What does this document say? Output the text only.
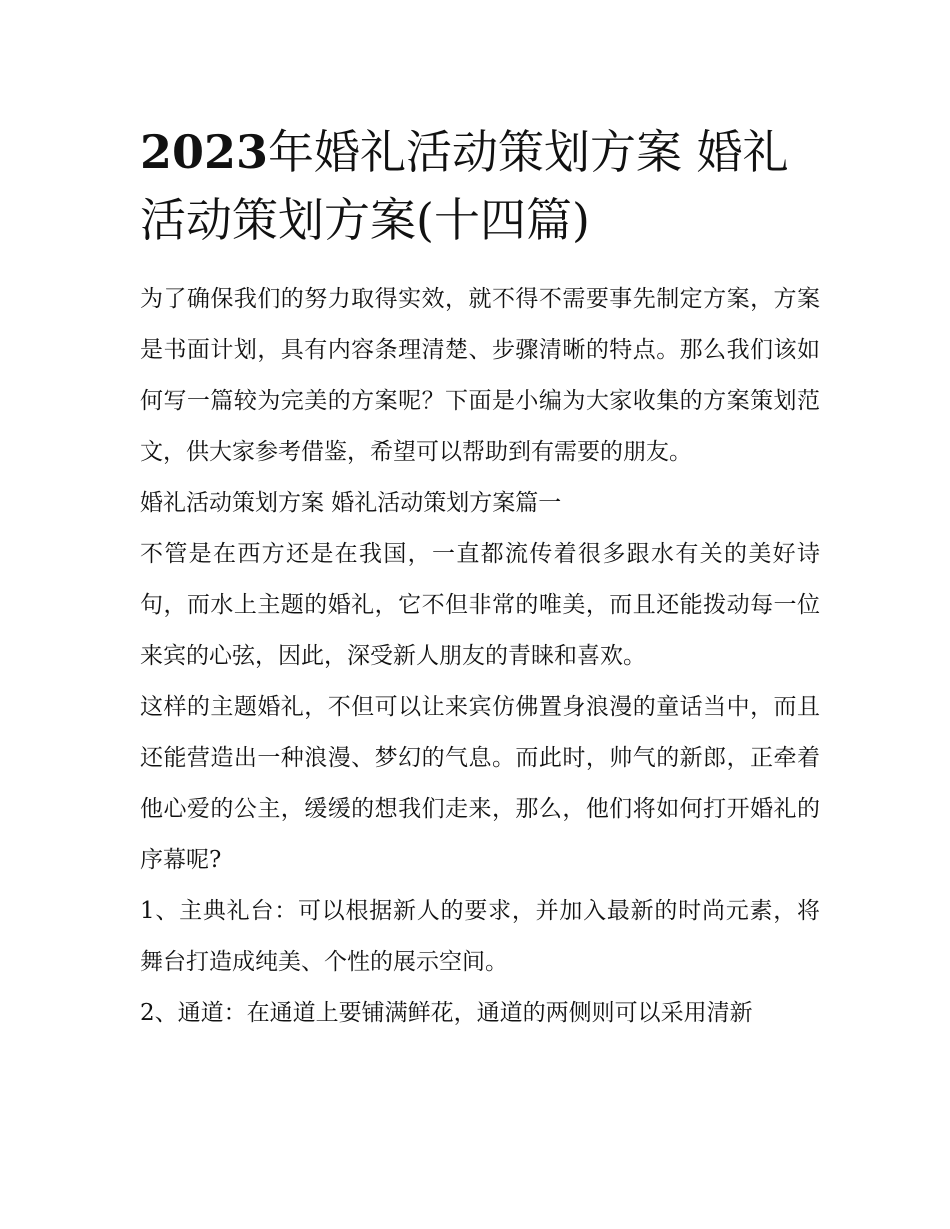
2023年婚礼活动策划方案 婚礼活动策划方案(十四篇)

为了确保我们的努力取得实效，就不得不需要事先制定方案，方案是书面计划，具有内容条理清楚、步骤清晰的特点。那么我们该如何写一篇较为完美的方案呢？下面是小编为大家收集的方案策划范文，供大家参考借鉴，希望可以帮助到有需要的朋友。

婚礼活动策划方案 婚礼活动策划方案篇一

不管是在西方还是在我国，一直都流传着很多跟水有关的美好诗句，而水上主题的婚礼，它不但非常的唯美，而且还能拨动每一位来宾的心弦，因此，深受新人朋友的青睐和喜欢。

这样的主题婚礼，不但可以让来宾仿佛置身浪漫的童话当中，而且还能营造出一种浪漫、梦幻的气息。而此时，帅气的新郎，正牵着他心爱的公主，缓缓的想我们走来，那么，他们将如何打开婚礼的序幕呢?

1、主典礼台：可以根据新人的要求，并加入最新的时尚元素，将舞台打造成纯美、个性的展示空间。

2、通道：在通道上要铺满鲜花，通道的两侧则可以采用清新
